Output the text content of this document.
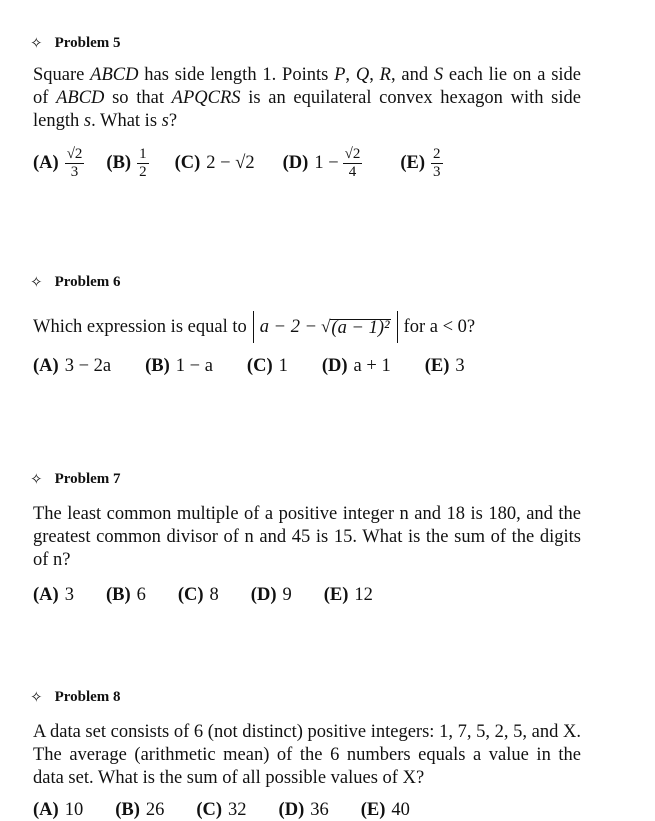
✧ Problem 5
Square ABCD has side length 1. Points P, Q, R, and S each lie on a side of ABCD so that APQCRS is an equilateral convex hexagon with side length s. What is s?
$(A) \frac{√2}{3} (B) \frac{1}{2} (C) 2 - √2$ (D) $1 - \frac{√2}{4} (E) \frac{2}{3}$
✧ Problem 6
Which expression is equal to a − 2 − √ (a − 1)² for a < 0?
(A) 3 − 2a (B) 1 − a (C) 1 (D) a + 1 (E) 3
✧ Problem 7
The least common multiple of a positive integer n and 18 is 180, and the greatest common divisor of n and 45 is 15. What is the sum of the digits of n?
(A) 3 (B) 6 (C) 8 (D) 9 (E) 12
✧ Problem 8
A data set consists of 6 (not distinct) positive integers: 1, 7, 5, 2, 5, and X. The average (arithmetic mean) of the 6 numbers equals a value in the data set. What is the sum of all possible values of X?
(A) 10 (B) 26 (C) 32 (D) 36 (E) 40
